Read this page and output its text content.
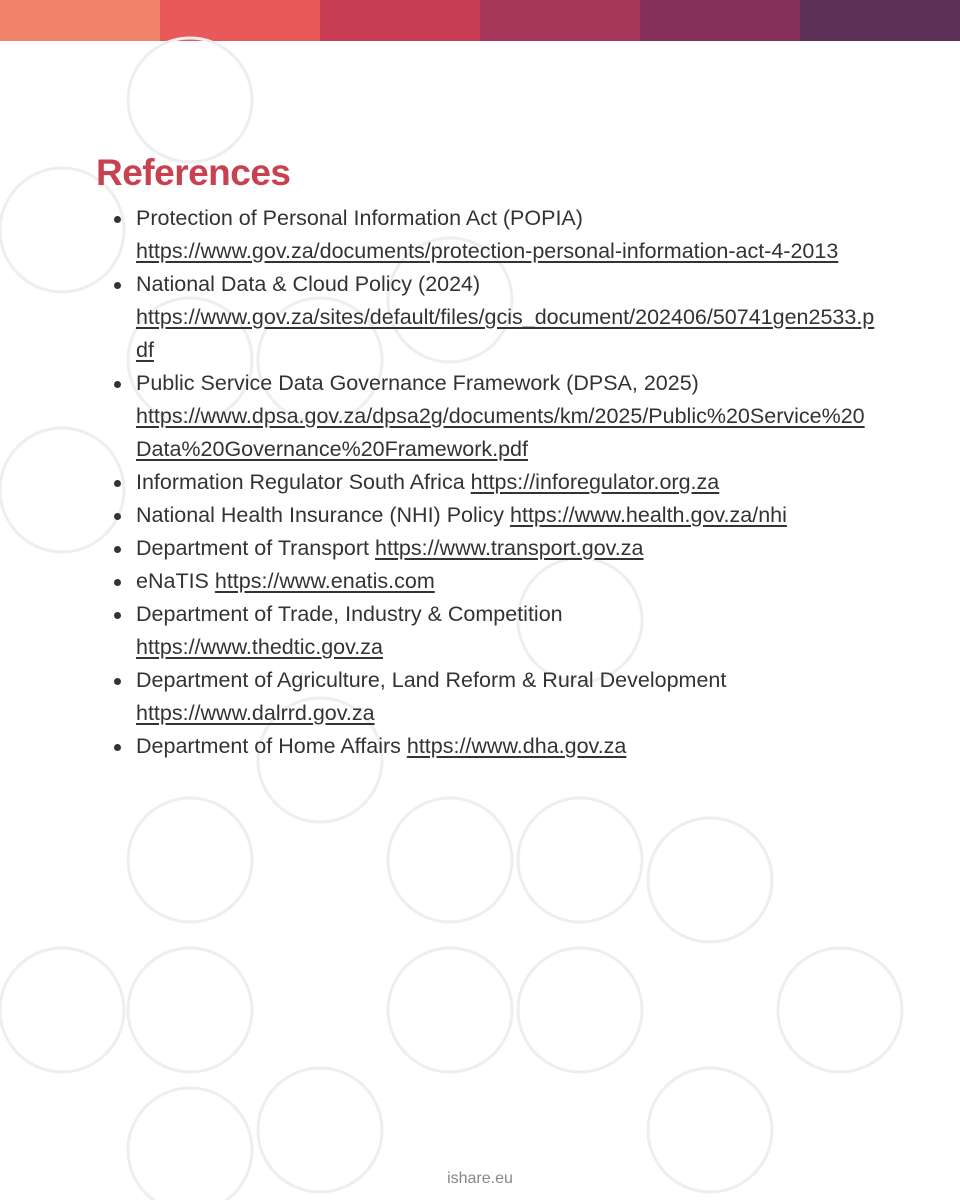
References
Protection of Personal Information Act (POPIA)
https://www.gov.za/documents/protection-personal-information-act-4-2013
National Data & Cloud Policy (2024)
https://www.gov.za/sites/default/files/gcis_document/202406/50741gen2533.pdf
Public Service Data Governance Framework (DPSA, 2025)
https://www.dpsa.gov.za/dpsa2g/documents/km/2025/Public%20Service%20Data%20Governance%20Framework.pdf
Information Regulator South Africa https://inforegulator.org.za
National Health Insurance (NHI) Policy https://www.health.gov.za/nhi
Department of Transport https://www.transport.gov.za
eNaTIS https://www.enatis.com
Department of Trade, Industry & Competition
https://www.thedtic.gov.za
Department of Agriculture, Land Reform & Rural Development
https://www.dalrrd.gov.za
Department of Home Affairs https://www.dha.gov.za
ishare.eu
